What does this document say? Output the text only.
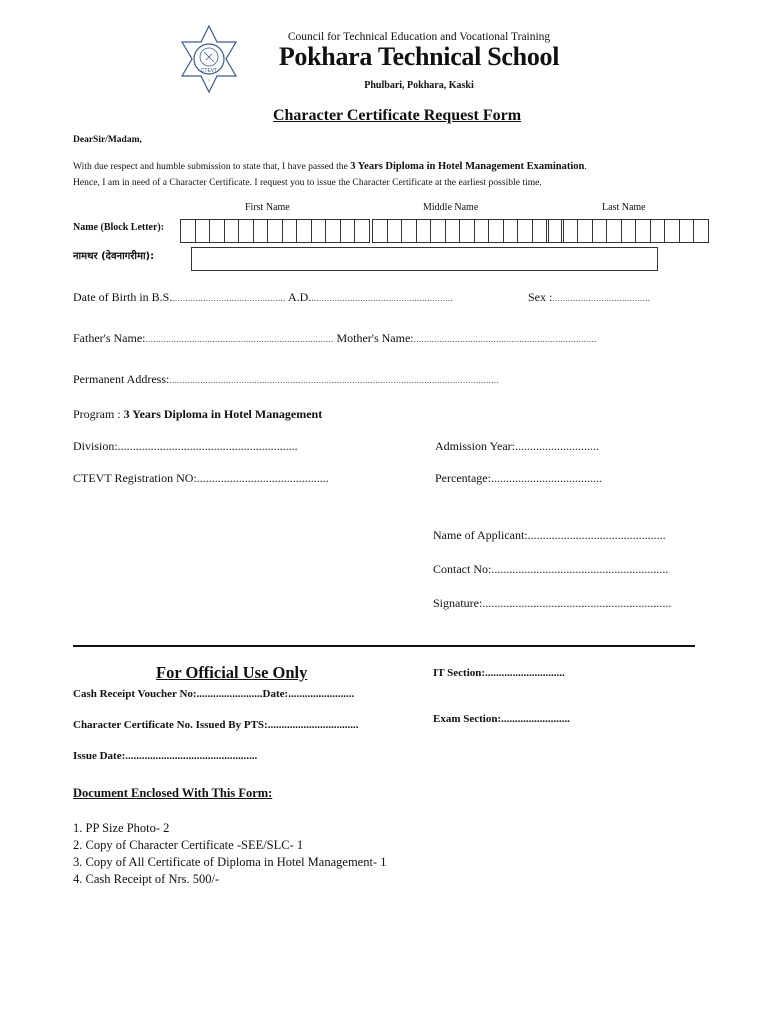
CTEVT
?
Council for Technical Education and Vocational Training
Pokhara Technical School
Phulbari, Pokhara, Kaski
Character Certificate Request Form
DearSir/Madam,
With due respect and humble submission to state that, I have passed the 3 Years Diploma in Hotel Management Examination.
Hence, I am in need of a Character Certificate. I request you to issue the Character Certificate at the earliest possible time.
First Name	Middle Name	Last Name
Name (Block Letter):
नामथर (देवनागरीमा):
Date of Birth in B.S............................................. A.D........................................................	Sex :......................................
Father's Name:......................................................................... Mother's Name:.......................................................................
Permanent Address:................................................................................................................................
Program : 3 Years Diploma in Hotel Management
Division:............................................................	Admission Year:............................
CTEVT Registration NO:............................................	Percentage:.....................................
Name of Applicant:..............................................
Contact No:...........................................................
Signature:...............................................................
For Official Use Only	IT Section:.............................
Cash Receipt Voucher No:........................Date:........................
Exam Section:.........................
Character Certificate No. Issued By PTS:.................................
Issue Date:................................................
Document Enclosed With This Form:
1. PP Size Photo- 2
2. Copy of Character Certificate -SEE/SLC- 1
3. Copy of All Certificate of Diploma in Hotel Management- 1
4. Cash Receipt of Nrs. 500/-
